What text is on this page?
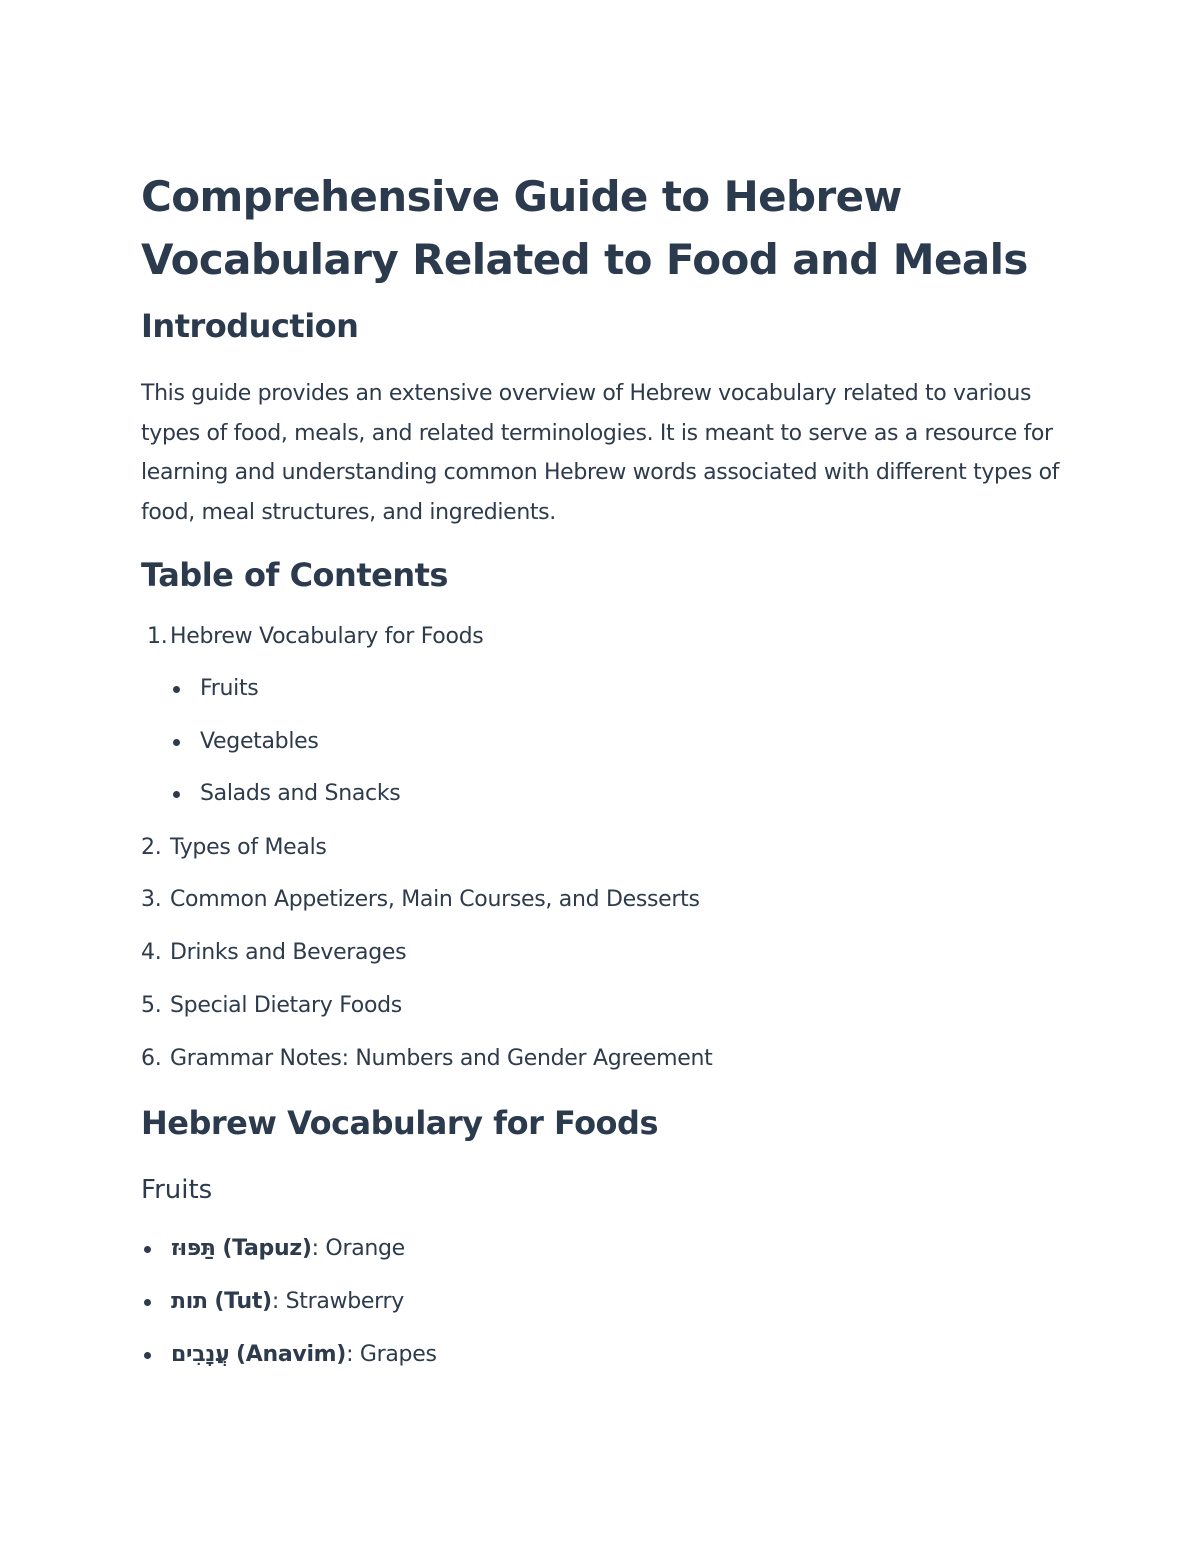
Comprehensive Guide to Hebrew Vocabulary Related to Food and Meals
Introduction

This guide provides an extensive overview of Hebrew vocabulary related to various types of food, meals, and related terminologies. It is meant to serve as a resource for learning and understanding common Hebrew words associated with different types of food, meal structures, and ingredients.

Table of Contents
1. Hebrew Vocabulary for Foods
Fruits
Vegetables
Salads and Snacks
2. Types of Meals
3. Common Appetizers, Main Courses, and Desserts
4. Drinks and Beverages
5. Special Dietary Foods
6. Grammar Notes: Numbers and Gender Agreement
Hebrew Vocabulary for Foods
Fruits
תַּפּוּז (Tapuz): Orange
תות (Tut): Strawberry
עֲנָבִים (Anavim): Grapes
